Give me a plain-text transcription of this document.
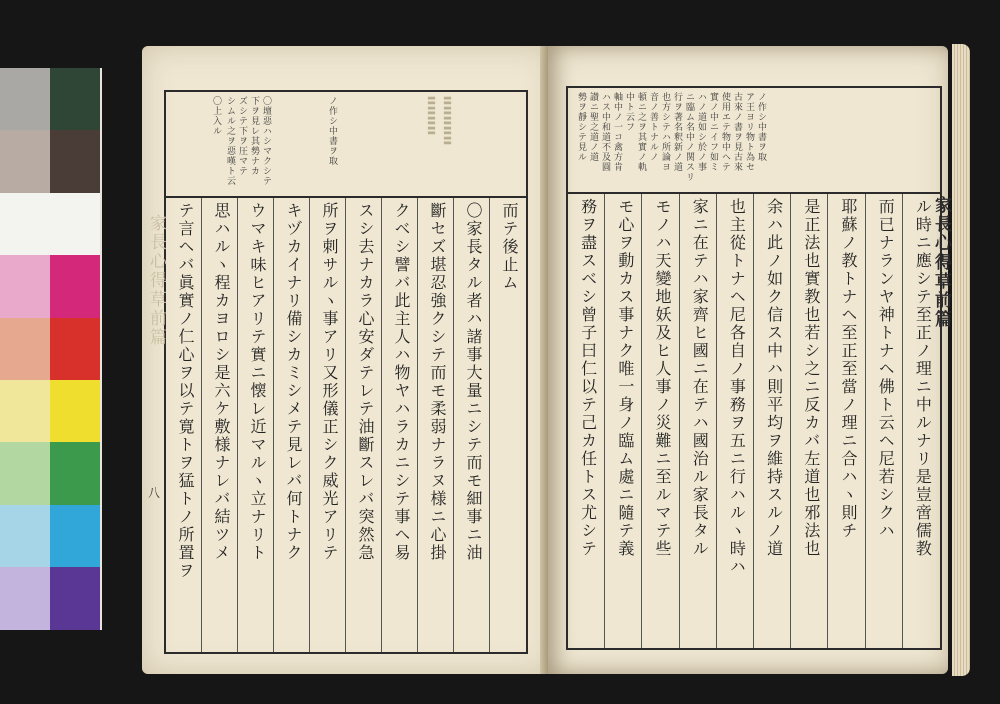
〓〓〓〓 〓〓〓〓〓
ノ作シ中書ヲ取
〇壇惡ハシマクシテ
下ヲ見レ其勢ナカ
ズシテ下ヲ圧マテ
シムル之ヲ惡嘆ト云
〇上入ル
而テ後止ム
〇家長タル者ハ諸事大量ニシテ而モ細事ニ油
斷セズ堪忍強クシテ而モ柔弱ナラヌ様ニ心掛
クベシ譬バ此主人ハ物ヤハラカニシテ事ヘ易
スシ去ナカラ心安ダテレテ油斷スレバ突然急
所ヲ刺サルヽ事アリ又形儀正シク威光アリテ
キヅカイナリ備シカミシメテ見レバ何トナク
ウマキ味ヒアリテ實ニ懐レ近マルヽ立ナリト
思ハルヽ程カヨロシ是六ケ敷様ナレバ結ツメ
テ言ヘバ眞實ノ仁心ヲ以テ寛トヲ猛トノ所置ヲ
八
家長心得草前篇
勢ヲ靜シテ見ル 讃ニ聖之道ノ道 ハス中和道不及圓 軸中ノ一コ禽方肯 中ト云フ 頓ニ之ヲ其實ノ軌 音ノ善トナルノ 也方シテハ所論ヨ 行ヲ著名釈新ノ道 ニ臨ム名中ノ関スリ ハノ道如シ於ノ事 實ノ中ニイフ如ミ 使用エテ物中ヘテ 古來ノ書ヲ見古來 ア王ヨリ物ト為セ ノ作シ中書ヲ取
ル時ニ應シテ至正ノ理ニ中ルナリ是豈啻儒教
而已ナランヤ神トナヘ佛ト云ヘ尼若シクハ
耶蘇ノ教トナヘ至正至當ノ理ニ合ハヽ則チ
是正法也實教也若シ之ニ反カバ左道也邪法也
余ハ此ノ如ク信ス中ハ則平均ヲ維持スルノ道
也主從トナヘ尼各自ノ事務ヲ五ニ行ハルヽ時ハ
家ニ在テハ家齊ヒ國ニ在テハ國治ル家長タル
モノハ天變地妖及ヒ人事ノ災難ニ至ルマテ些
モ心ヲ動カス事ナク唯一身ノ臨ム處ニ隨テ義
務ヲ盡スベシ曾子曰仁以テ己カ任トス尤シテ	家長心得草前篇
